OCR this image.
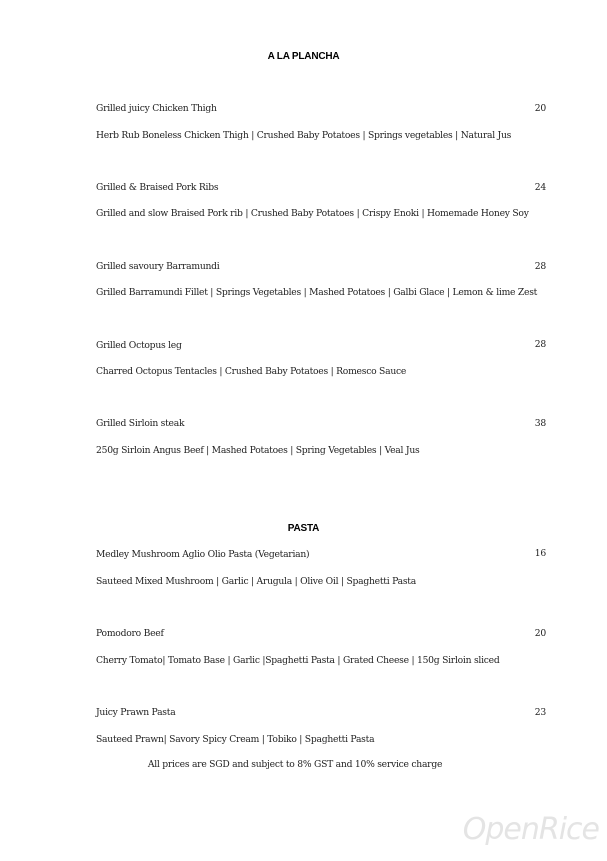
A LA PLANCHA
Grilled juicy Chicken Thigh	20
Herb Rub Boneless Chicken Thigh | Crushed Baby Potatoes | Springs vegetables | Natural Jus
Grilled & Braised Pork Ribs	24
Grilled and slow Braised Pork rib | Crushed Baby Potatoes | Crispy Enoki | Homemade Honey Soy
Grilled savoury Barramundi	28
Grilled Barramundi Fillet | Springs Vegetables | Mashed Potatoes | Galbi Glace | Lemon & lime Zest
Grilled Octopus leg	28
Charred Octopus Tentacles | Crushed Baby Potatoes | Romesco Sauce
Grilled Sirloin steak	38
250g Sirloin Angus Beef | Mashed Potatoes | Spring Vegetables | Veal Jus
PASTA
Medley Mushroom Aglio Olio Pasta (Vegetarian)	16
Sauteed Mixed Mushroom | Garlic | Arugula | Olive Oil | Spaghetti Pasta
Pomodoro Beef	20
Cherry Tomato| Tomato Base | Garlic |Spaghetti Pasta | Grated Cheese | 150g Sirloin sliced
Juicy Prawn Pasta	23
Sauteed Prawn| Savory Spicy Cream | Tobiko | Spaghetti Pasta
All prices are SGD and subject to 8% GST and 10% service charge
OpenRice
